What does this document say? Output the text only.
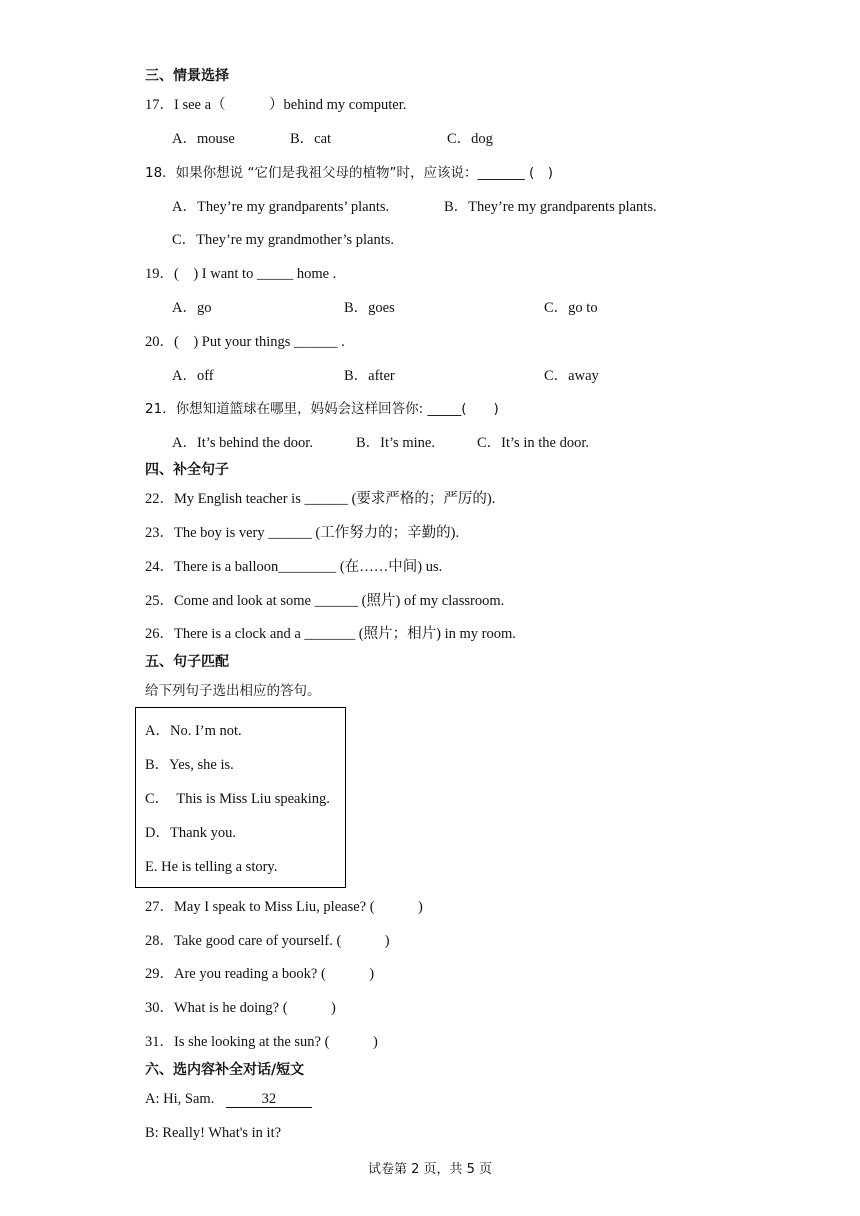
三、情景选择
17．I see a（　　　）behind my computer.
A．mouse	B．cat	C．dog
18．如果你想说 “它们是我祖父母的植物”时，应该说：_______ (　)
A．They’re my grandparents’ plants.	B．They’re my grandparents plants.
C．They’re my grandmother’s plants.
19．(　) I want to _____ home .
A．go	B．goes	C．go to
20．(　) Put your things ______ .
A．off	B．after	C．away
21．你想知道篮球在哪里，妈妈会这样回答你: _____(　　)
A．It’s behind the door.	B．It’s mine.	C．It’s in the door.
四、补全句子
22．My English teacher is ______ (要求严格的；严厉的).
23．The boy is very ______ (工作努力的；辛勤的).
24．There is a balloon________ (在……中间) us.
25．Come and look at some ______ (照片) of my classroom.
26．There is a clock and a _______ (照片；相片) in my room.
五、句子匹配
给下列句子选出相应的答句。
A．No. I’m not.
B．Yes, she is.
C．　This is Miss Liu speaking.
D．Thank you.
E. He is telling a story.
27．May I speak to Miss Liu, please? (　　　)
28．Take good care of yourself. (　　　)
29．Are you reading a book? (　　　)
30．What is he doing? (　　　)
31．Is she looking at the sun? (　　　)
六、选内容补全对话/短文
A: Hi, Sam.	32
B: Really! What's in it?
试卷第 2 页，共 5 页
